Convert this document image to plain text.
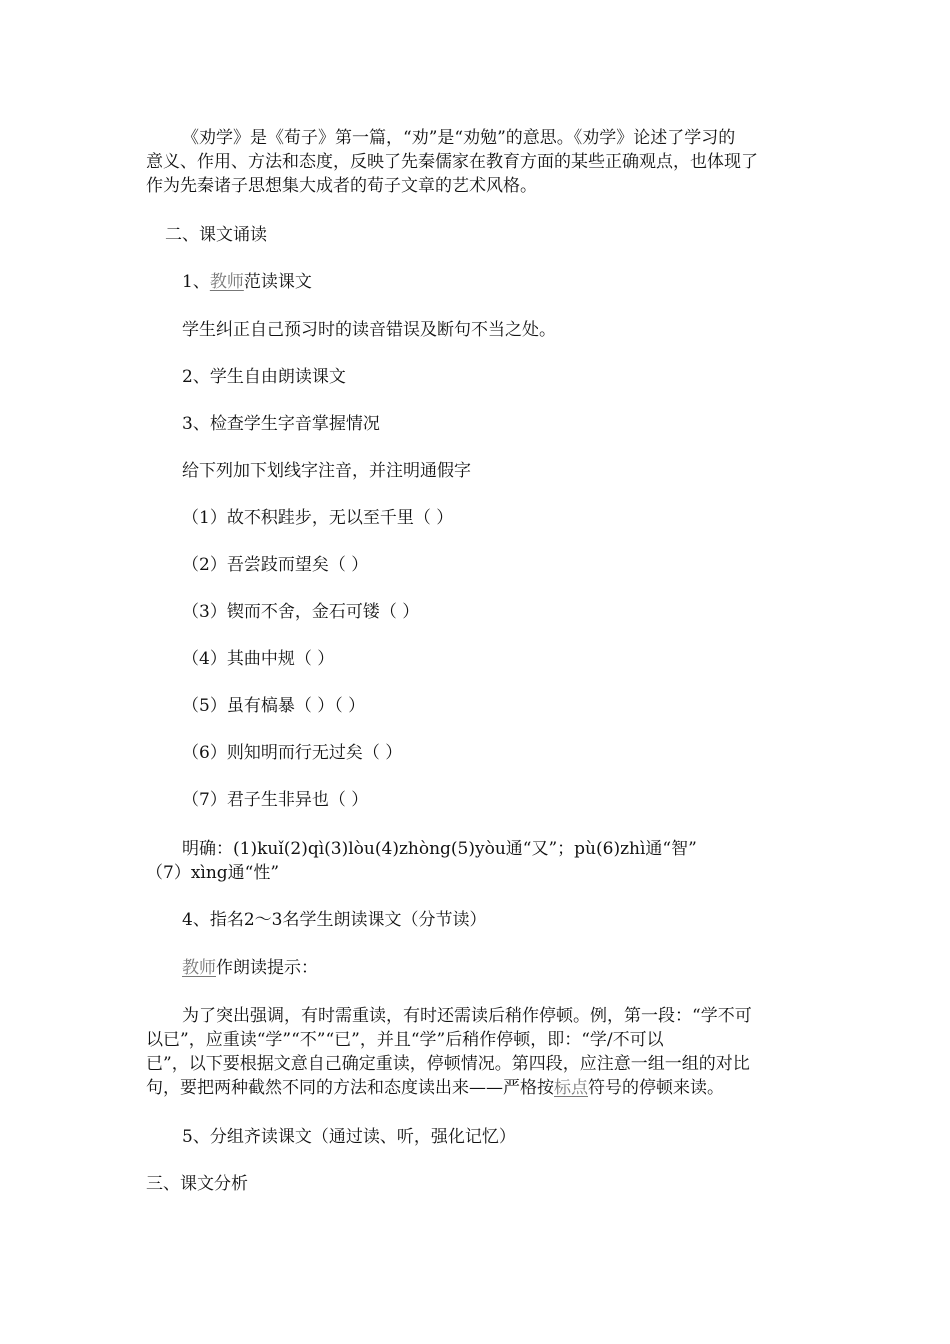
《劝学》是《荀子》第一篇，“劝”是“劝勉”的意思。《劝学》论述了学习的
意义、作用、方法和态度，反映了先秦儒家在教育方面的某些正确观点，也体现了
作为先秦诸子思想集大成者的荀子文章的艺术风格。
二、课文诵读
1、教师范读课文
学生纠正自己预习时的读音错误及断句不当之处。
2、学生自由朗读课文
3、检查学生字音掌握情况
给下列加下划线字注音，并注明通假字
（1）故不积跬步，无以至千里（ ）
（2）吾尝跂而望矣（ ）
（3）锲而不舍，金石可镂（ ）
（4）其曲中规（ ）
（5）虽有槁暴（ ）（ ）
（6）则知明而行无过矣（ ）
（7）君子生非异也（ ）
明确：(1)kuǐ(2)qì(3)lòu(4)zhòng(5)yòu通“又”；pù(6)zhì通“智”
（7）xìng通“性”
4、指名2～3名学生朗读课文（分节读）
教师作朗读提示：
为了突出强调，有时需重读，有时还需读后稍作停顿。例，第一段：“学不可
以已”，应重读“学”“不”“已”，并且“学”后稍作停顿，即：“学/不可以
已”，以下要根据文意自己确定重读，停顿情况。第四段，应注意一组一组的对比
句，要把两种截然不同的方法和态度读出来——严格按标点符号的停顿来读。
5、分组齐读课文（通过读、听，强化记忆）
三、课文分析
